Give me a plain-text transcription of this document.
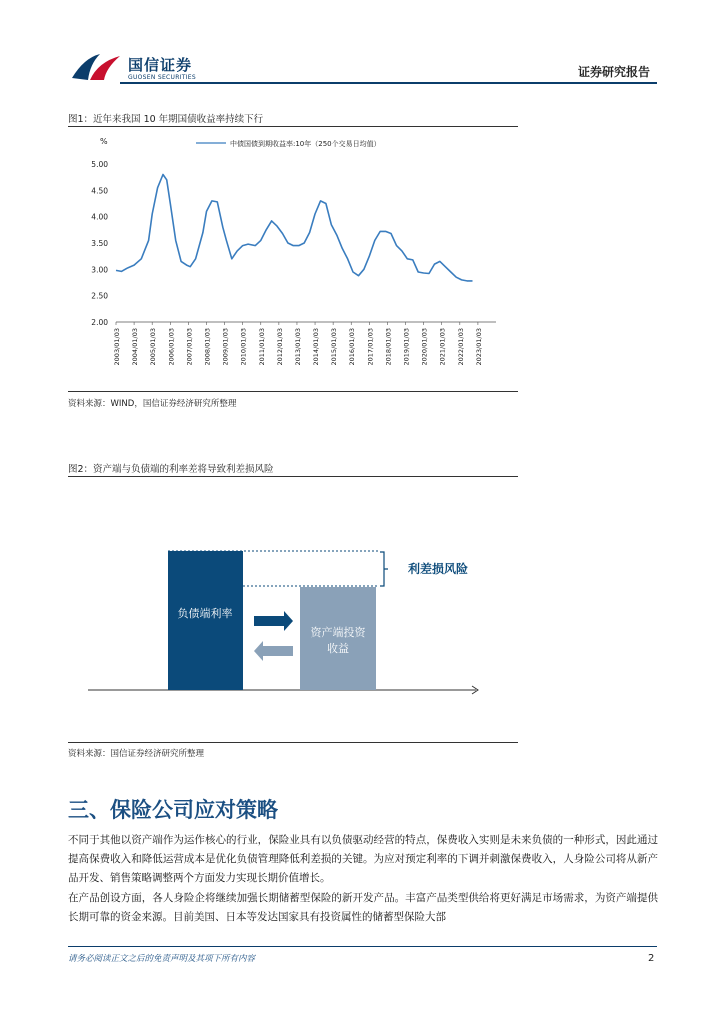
国信证券
GUOSEN SECURITIES	证券研究报告
图1：近年来我国 10 年期国债收益率持续下行
%	中债国债到期收益率:10年（250个交易日均值）
5.00
4.50
4.00
3.50
3.00
2.50
2.00
2003/01/03 2004/01/03 2005/01/03 2006/01/03 2007/01/03 2008/01/03 2009/01/03 2010/01/03 2011/01/03 2012/01/03 2013/01/03 2014/01/03 2015/01/03 2016/01/03 2017/01/03 2018/01/03 2019/01/03 2020/01/03 2021/01/03 2022/01/03 2023/01/03
资料来源：WIND，国信证券经济研究所整理
图2：资产端与负债端的利率差将导致利差损风险
负债端利率
资产端投资
收益
利差损风险
资料来源：国信证券经济研究所整理
三、保险公司应对策略
不同于其他以资产端作为运作核心的行业，保险业具有以负债驱动经营的特点，保费收入实则是未来负债的一种形式，因此通过提高保费收入和降低运营成本是优化负债管理降低利差损的关键。为应对预定利率的下调并刺激保费收入，人身险公司将从新产品开发、销售策略调整两个方面发力实现长期价值增长。
在产品创设方面，各人身险企将继续加强长期储蓄型保险的新开发产品。丰富产品类型供给将更好满足市场需求，为资产端提供长期可靠的资金来源。目前美国、日本等发达国家具有投资属性的储蓄型保险大部
请务必阅读正文之后的免责声明及其项下所有内容	2
